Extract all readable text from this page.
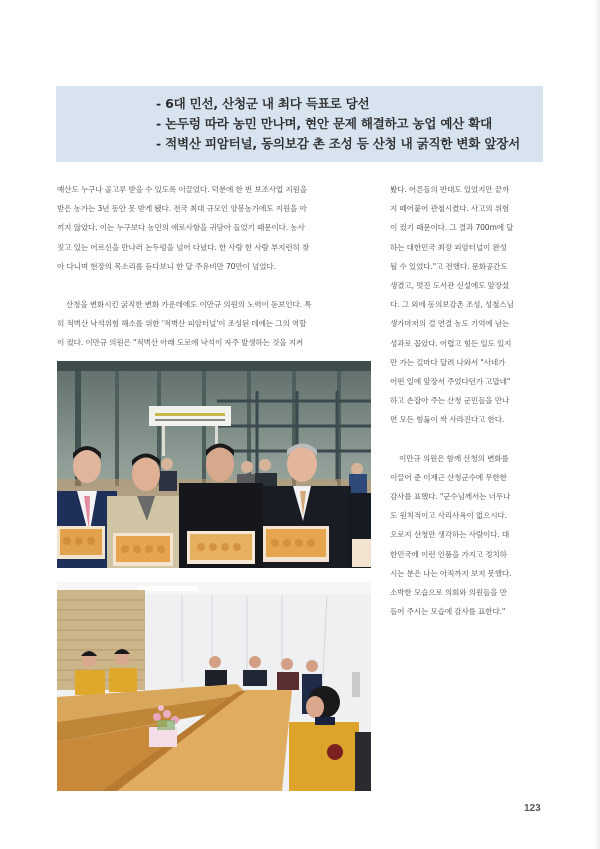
- 6대 민선, 산청군 내 최다 득표로 당선
- 논두렁 따라 농민 만나며, 현안 문제 해결하고 농업 예산 확대
- 적벽산 피암터널, 동의보감 촌 조성 등 산청 내 굵직한 변화 앞장서

예산도 누구나 골고루 받을 수 있도록 이끌었다. 덕분에 한 번 보조사업 지원을

받은 농가는 3년 동안 못 받게 됐다. 전국 최대 규모인 양봉농가에도 지원을 아

끼지 않았다. 이는 누구보다 농민의 애로사항을 귀담아 들었기 때문이다. 농사

짓고 있는 어르신을 만나러 논두렁을 넘어 다녔다. 한 사람 한 사람 부지런히 찾

아 다니며 현장의 목소리를 듣다보니 한 달 주유비만 70만이 넘었다.

산청을 변화시킨 굵직한 변화 가운데에도 이만규 의원의 노력이 돋보인다. 특

히 적벽산 낙석위험 해소를 위한 '적벽산 피암터널'이 조성된 데에는 그의 역할

이 컸다. 이만규 의원은 "적벽산 아래 도로에 낙석이 자주 발생하는 것을 지켜

봤다. 어른들의 반대도 있었지만 끝까

지 떼어붙어 관철시켰다. 사고의 위험

이 컸기 때문이다. 그 결과 700m에 달

하는 대한민국 최장 피암터널이 완성

될 수 있었다."고 전했다. 문화공간도

생겼고, 멋진 도서관 신설에도 앞장섰

다. 그 외에 동의보감촌 조성, 성철스님

생가마저의 걸 연결 농도 기억에 남는

성과로 꼽았다. 어렵고 힘든 일도 있지

만 가는 길마다 달려 나와서 "사네가

어떤 일에 앞장서 주었다던가 고맙네"

하고 손잡아 주는 산청 군민들을 만나

면 모든 힘듦이 싹 사라진다고 한다.

이만규 의원은 함께 산청의 변화를

이끌어 준 이재근 산청군수에 무한한

감사를 표했다. "군수님께서는 너무나

도 원칙적이고 사리사욕이 없으시다.

오로지 산청만 생각하는 사람이다. 대

한민국에 이런 인품을 가지고 정치하

시는 분은 나는 아직까지 보지 못했다.

소박한 모습으로 의회와 의원들을 만

들어 주시는 모습에 감사를 표한다."

123
